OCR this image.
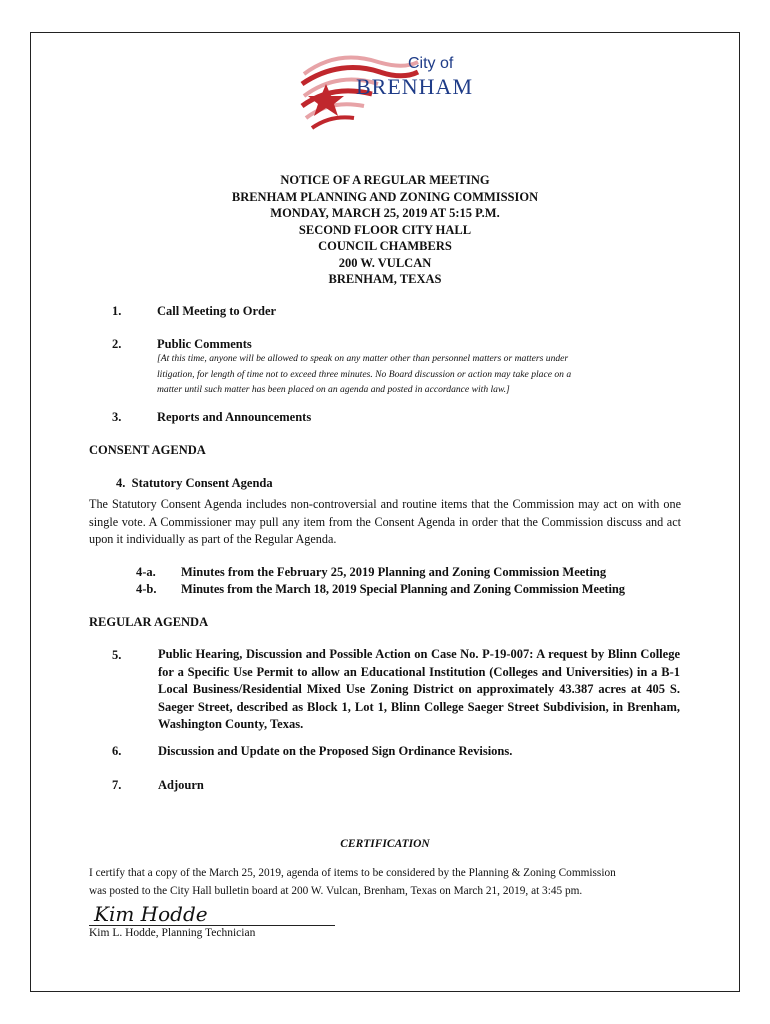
City of
BRENHAM
NOTICE OF A REGULAR MEETING
BRENHAM PLANNING AND ZONING COMMISSION
MONDAY, MARCH 25, 2019 AT 5:15 P.M.
SECOND FLOOR CITY HALL
COUNCIL CHAMBERS
200 W. VULCAN
BRENHAM, TEXAS
1.	Call Meeting to Order
2.	Public Comments
[At this time, anyone will be allowed to speak on any matter other than personnel matters or matters under
litigation, for length of time not to exceed three minutes. No Board discussion or action may take place on a
matter until such matter has been placed on an agenda and posted in accordance with law.]
3.	Reports and Announcements
CONSENT AGENDA
4.  Statutory Consent Agenda
The Statutory Consent Agenda includes non-controversial and routine items that the Commission may act on with one single vote. A Commissioner may pull any item from the Consent Agenda in order that the Commission discuss and act upon it individually as part of the Regular Agenda.
4-a. Minutes from the February 25, 2019 Planning and Zoning Commission Meeting
4-b. Minutes from the March 18, 2019 Special Planning and Zoning Commission Meeting
REGULAR AGENDA
5.	Public Hearing, Discussion and Possible Action on Case No. P-19-007: A request by Blinn College for a Specific Use Permit to allow an Educational Institution (Colleges and Universities) in a B-1 Local Business/Residential Mixed Use Zoning District on approximately 43.387 acres at 405 S. Saeger Street, described as Block 1, Lot 1, Blinn College Saeger Street Subdivision, in Brenham, Washington County, Texas.
6.	Discussion and Update on the Proposed Sign Ordinance Revisions.
7.	Adjourn
CERTIFICATION
I certify that a copy of the March 25, 2019, agenda of items to be considered by the Planning & Zoning Commission
was posted to the City Hall bulletin board at 200 W. Vulcan, Brenham, Texas on March 21, 2019, at 3:45 pm.
Kim Hodde
Kim L. Hodde, Planning Technician
